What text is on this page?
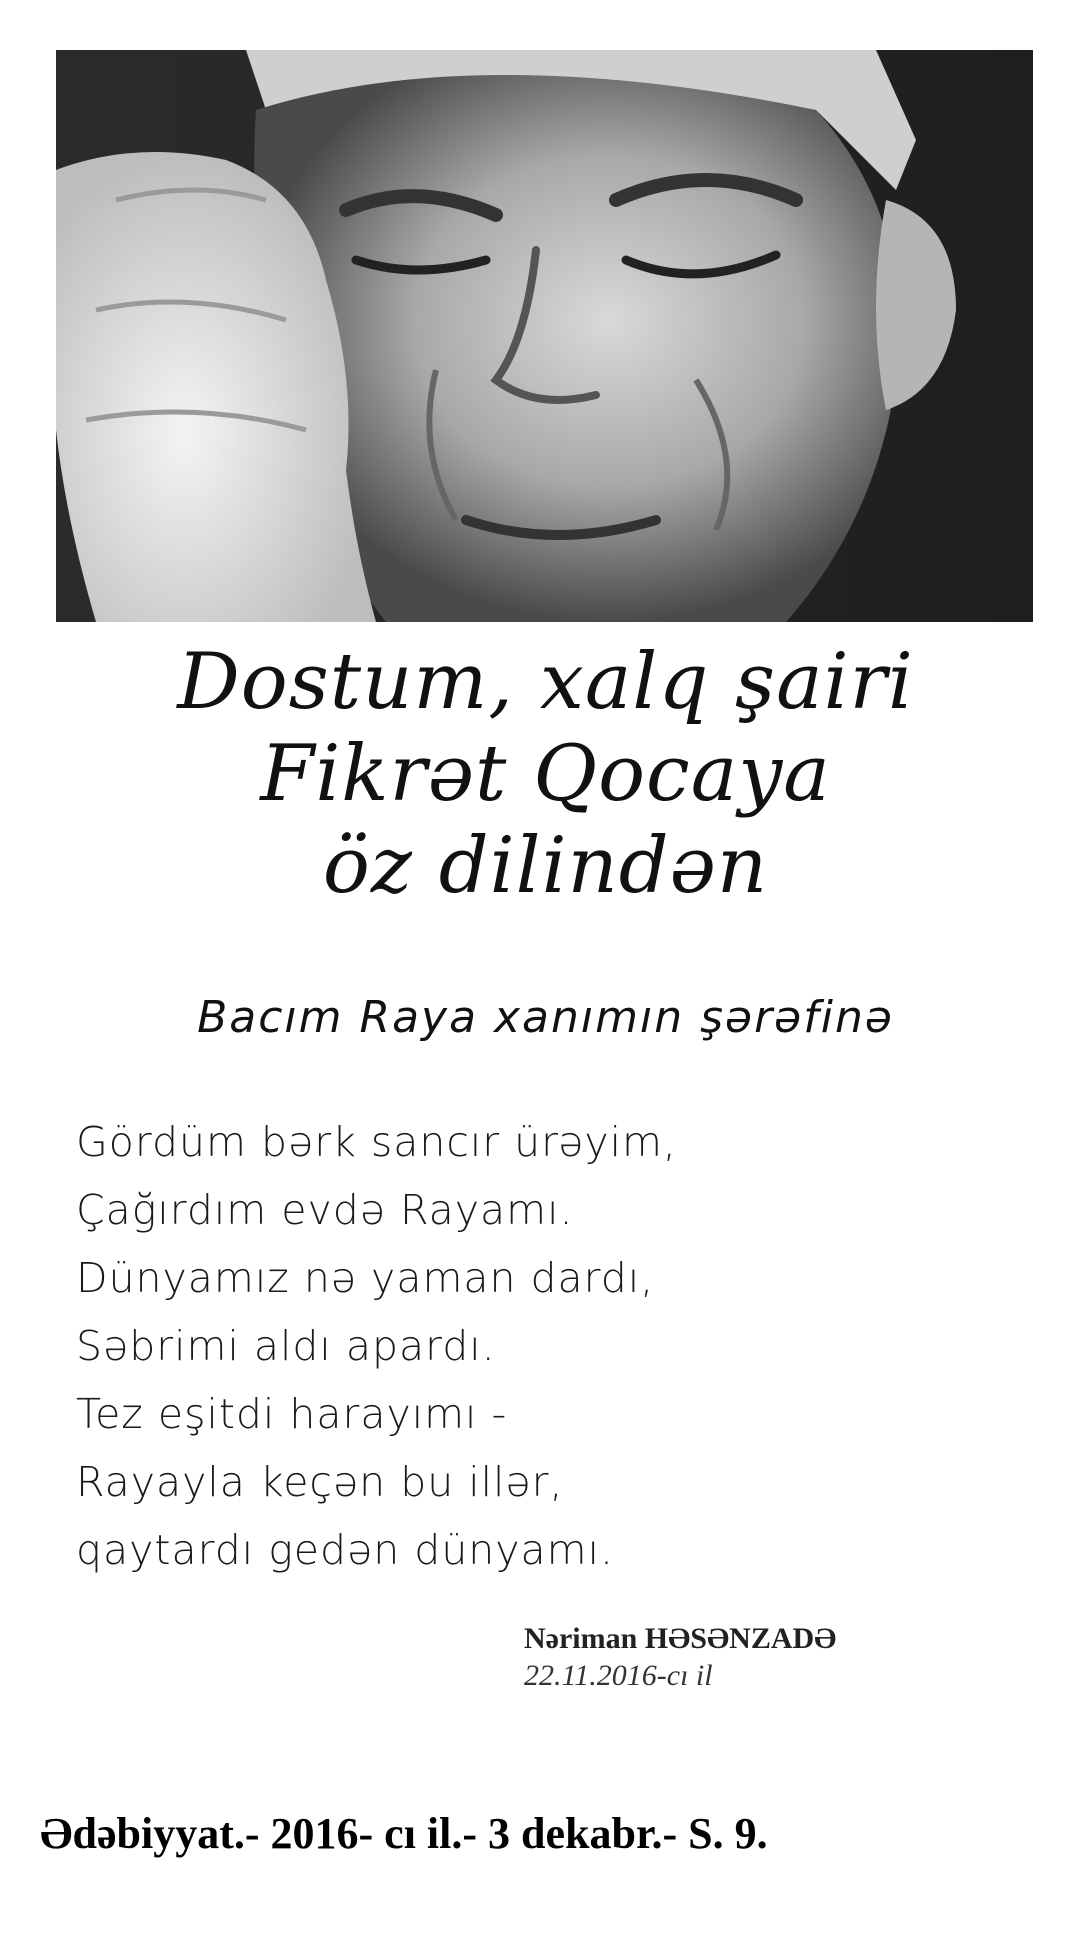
Dostum, xalq şairi
Fikrət Qocaya
öz dilindən
Bacım Raya xanımın şərəfinə
Gördüm bərk sancır ürəyim,
Çağırdım evdə Rayamı.
Dünyamız nə yaman dardı,
Səbrimi aldı apardı.
Tez eşitdi harayımı -
Rayayla keçən bu illər,
qaytardı gedən dünyamı.
Nəriman HƏSƏNZADƏ
22.11.2016-cı il
Ədəbiyyat.- 2016- cı il.- 3 dekabr.- S. 9.
